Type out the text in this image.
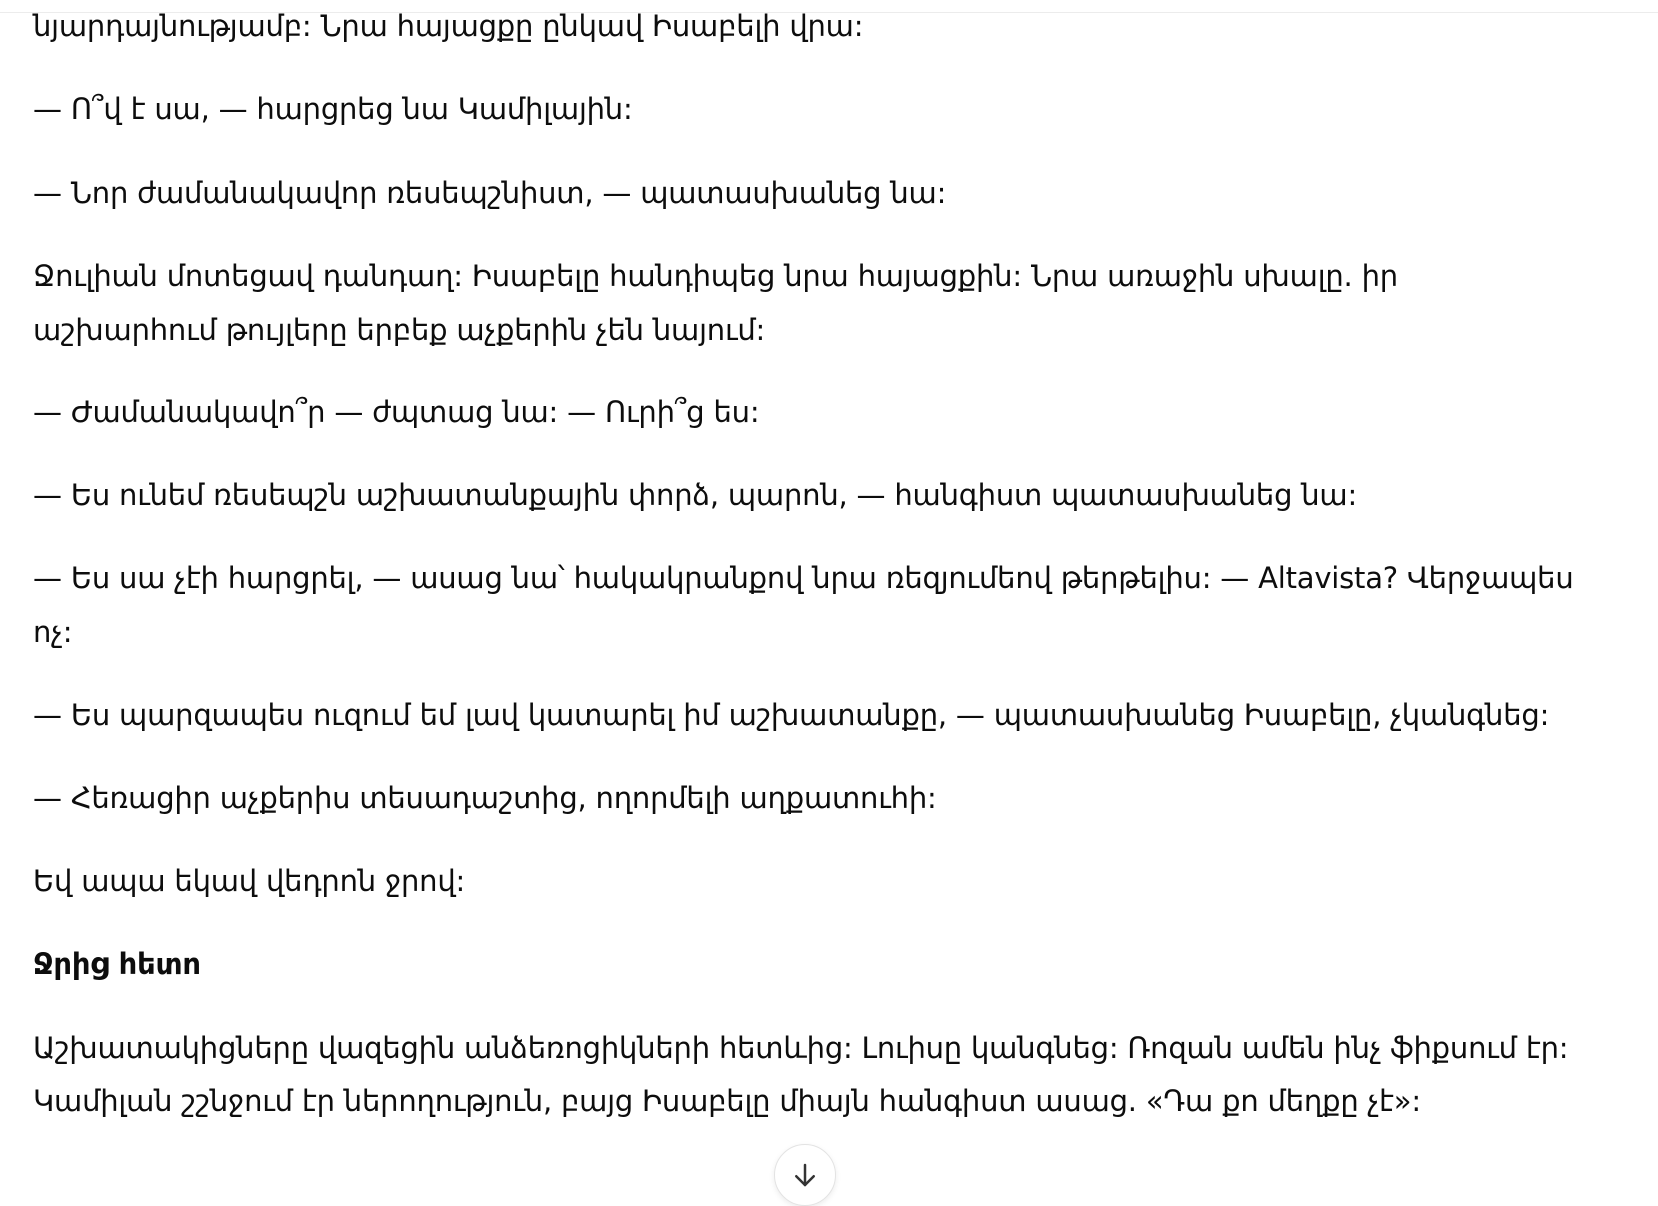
նյարդայնությամբ: Նրա հայացքը ընկավ Իսաբելի վրա:

— Ո՞վ է սա, — հարցրեց նա Կամիլային:

— Նոր ժամանակավոր ռեսեպշնիստ, — պատասխանեց նա:

Ջուլիան մոտեցավ դանդաղ: Իսաբելը հանդիպեց նրա հայացքին: Նրա առաջին սխալը. իր

աշխարհում թույլերը երբեք աչքերին չեն նայում:

— Ժամանակավո՞ր — ժպտաց նա: — Ուրի՞ց ես:

— Ես ունեմ ռեսեպշն աշխատանքային փորձ, պարոն, — հանգիստ պատասխանեց նա:

— Ես սա չէի հարցրել, — ասաց նա՝ հակակրանքով նրա ռեզյումեով թերթելիս: — Altavista? Վերջապես

ոչ:

— Ես պարզապես ուզում եմ լավ կատարել իմ աշխատանքը, — պատասխանեց Իսաբելը, չկանգնեց:

— Հեռացիր աչքերիս տեսադաշտից, ողորմելի աղքատուհի:

Եվ ապա եկավ վեդրոն ջրով:

Ջրից հետո

Աշխատակիցները վազեցին անձեռոցիկների հետևից: Լուիսը կանգնեց: Ռոզան ամեն ինչ ֆիքսում էր:

Կամիլան շշնջում էր ներողություն, բայց Իսաբելը միայն հանգիստ ասաց. «Դա քո մեղքը չէ»:
